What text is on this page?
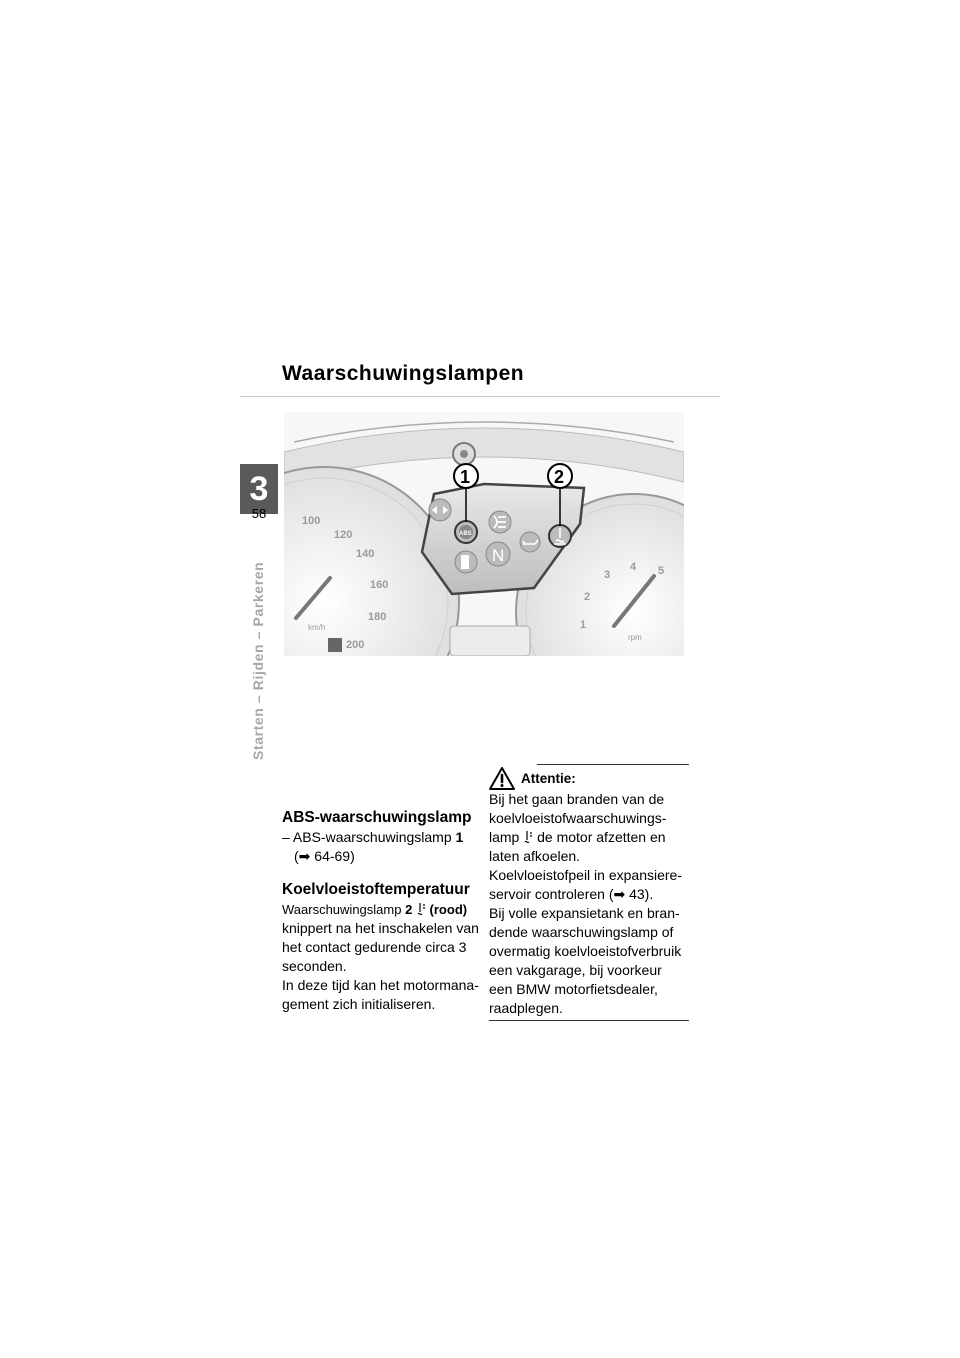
Waarschuwingslampen
3
58
Starten – Rijden – Parkeren
100
120
140
160
180
200
km/h	1
2
3
4 5
rpm
ABS
N
1	2
ABS-waarschuwingslamp

– ABS-waarschuwingslamp 1

(➡ 64-69)

Koelvloeistoftemperatuur

Waarschuwingslamp 2 (rood)

knippert na het inschakelen van

het contact gedurende circa 3

seconden.

In deze tijd kan het motormana-

gement zich initialiseren.

Attentie:

Bij het gaan branden van de

koelvloeistofwaarschuwings-

lamp  de motor afzetten en

laten afkoelen.

Koelvloeistofpeil in expansiere-

servoir controleren (➡ 43).

Bij volle expansietank en bran-

dende waarschuwingslamp of

overmatig koelvloeistofverbruik

een vakgarage, bij voorkeur

een BMW motorfietsdealer,

raadplegen.
